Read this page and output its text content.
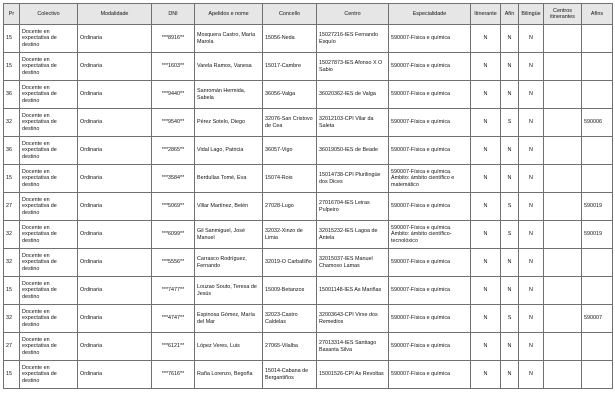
Pr	Colectivo	Modalidade	DNI	Apelidos e nome	Concello	Centro	Especialidade	Itinerante	Afín	Bilingüe	Centros itinerantes	Afíns
15	Docente en expectativa de destino	Ordinaria	***8916**	Mosquera Castro, María Marola	15056-Neda	15027216-IES Fernando Esquío	590007-Física e química	N	N	N		
15	Docente en expectativa de destino	Ordinaria	***1603**	Varela Ramos, Vanesa	15017-Cambre	15027873-IES Afonso X O Sabio	590007-Física e química	N	N	N		
36	Docente en expectativa de destino	Ordinaria	***9440**	Sanromán Hermida, Sabela	36056-Valga	36020362-IES de Valga	590007-Física e química	N	N	N		
32	Docente en expectativa de destino	Ordinaria	***9540**	Pérez Sotelo, Diego	32076-San Cristovo de Cea	32012103-CPI Vilar da Saleta	590007-Física e química	N	S	N		590006
36	Docente en expectativa de destino	Ordinaria	***2865**	Vidal Lago, Patricia	36057-Vigo	36019050-IES de Beade	590007-Física e química	N	N	N		
15	Docente en expectativa de destino	Ordinaria	***3584**	Berdullas Tomé, Eva	15074-Rois	15014738-CPI Plurilingüe dos Dices	590007-Física e química. Ámbito: ámbito científico e matemático	N	N	N		
27	Docente en expectativa de destino	Ordinaria	***5069**	Villar Martínez, Belén	27028-Lugo	27016704-IES Leiras Pulpeiro	590007-Física e química	N	S	N		590019
32	Docente en expectativa de destino	Ordinaria	***6099**	Gil Sanmiguel, José Manuel	32032-Xinzo de Limia	32015232-IES Lagoa de Antela	590007-Física e química. Ámbito: ámbito científico-tecnolóxico	N	S	N		590019
32	Docente en expectativa de destino	Ordinaria	***5556**	Carrasco Rodríguez, Fernando	32019-O Carballiño	32015037-IES Manuel Chamoso Lamas	590007-Física e química	N	N	N		
15	Docente en expectativa de destino	Ordinaria	***7477**	Louzao Souto, Teresa de Jesús	15009-Betanzos	15001148-IES As Mariñas	590007-Física e química	N	N	N		
32	Docente en expectativa de destino	Ordinaria	***4747**	Espinosa Gómez, María del Mar	32023-Castro Caldelas	32003643-CPI Virxe dos Remedios	590007-Física e química	N	S	N		590007
27	Docente en expectativa de destino	Ordinaria	***6121**	López Veres, Luis	27065-Vilalba	27013314-IES Santiago Basanta Silva	590007-Física e química	N	N	N		
15	Docente en expectativa de destino	Ordinaria	***7616**	Raña Lorenzo, Begoña	15014-Cabana de Bergantiños	15001526-CPI As Revoltas	590007-Física e química	N	N	N		
